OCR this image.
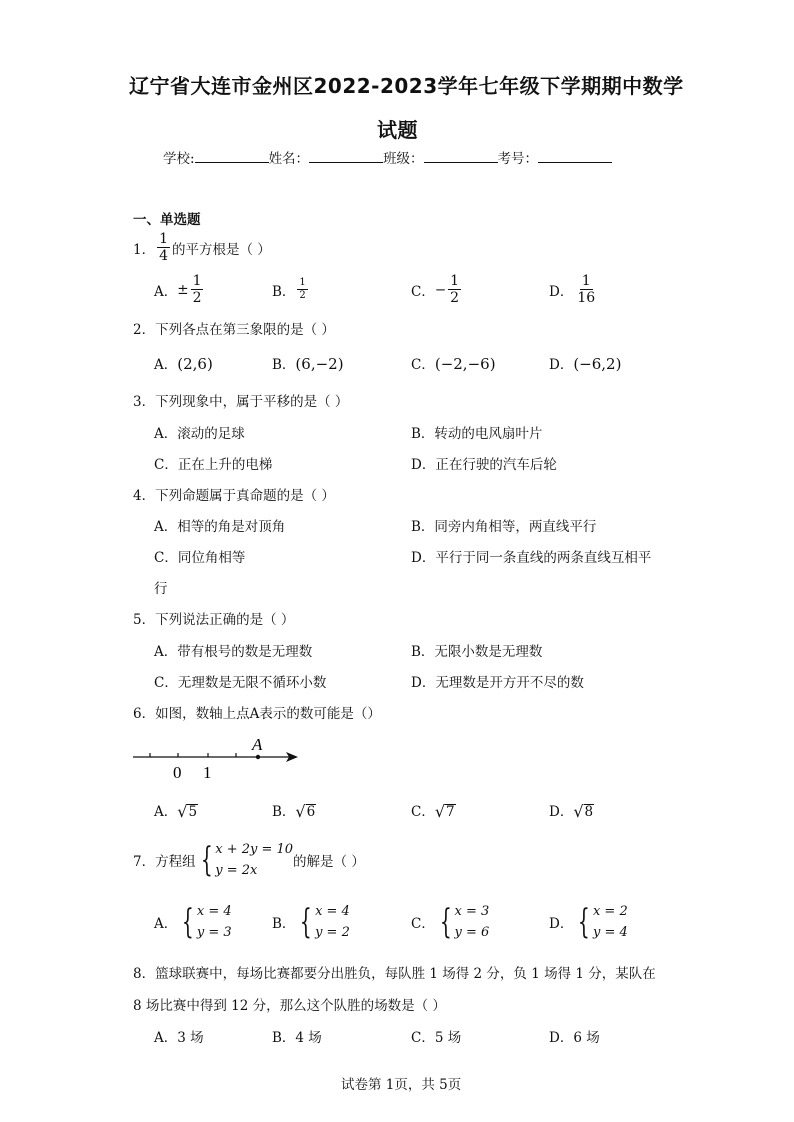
辽宁省大连市金州区2022-2023学年七年级下学期期中数学
试题
学校:	姓名：	班级：	考号：
一、单选题
1． $\frac{1}{4}$ 的平方根是（ ）
A． ± $\frac{1}{2}$	B． $\frac{1}{2}$	C． − $\frac{1}{2}$	D． $\frac{1}{16}$
2．下列各点在第三象限的是（ ）
A．(2,6)	B．(6,−2)	C．(−2,−6)	D．(−6,2)
3．下列现象中，属于平移的是（ ）
A．滚动的足球	B．转动的电风扇叶片
C．正在上升的电梯	D．正在行驶的汽车后轮
4．下列命题属于真命题的是（ ）
A．相等的角是对顶角	B．同旁内角相等，两直线平行
C．同位角相等	D．平行于同一条直线的两条直线互相平
行
5．下列说法正确的是（ ）
A．带有根号的数是无理数	B．无限小数是无理数
C．无理数是无限不循环小数	D．无理数是开方开不尽的数
6．如图，数轴上点A表示的数可能是（）
A
0 1
A． √ 5	B． √ 6	C． √ 7	D． √ 8
7．方程组 { x + 2y = 10
y = 2x
的解是（ ）
A． { x = 4
y = 3
B． { x = 4
y = 2
C． { x = 3
y = 6
D． { x = 2
y = 4
8．篮球联赛中，每场比赛都要分出胜负，每队胜 1 场得 2 分，负 1 场得 1 分，某队在
8 场比赛中得到 12 分，那么这个队胜的场数是（ ）
A．3 场	B．4 场	C．5 场	D．6 场
试卷第 1页，共 5页
